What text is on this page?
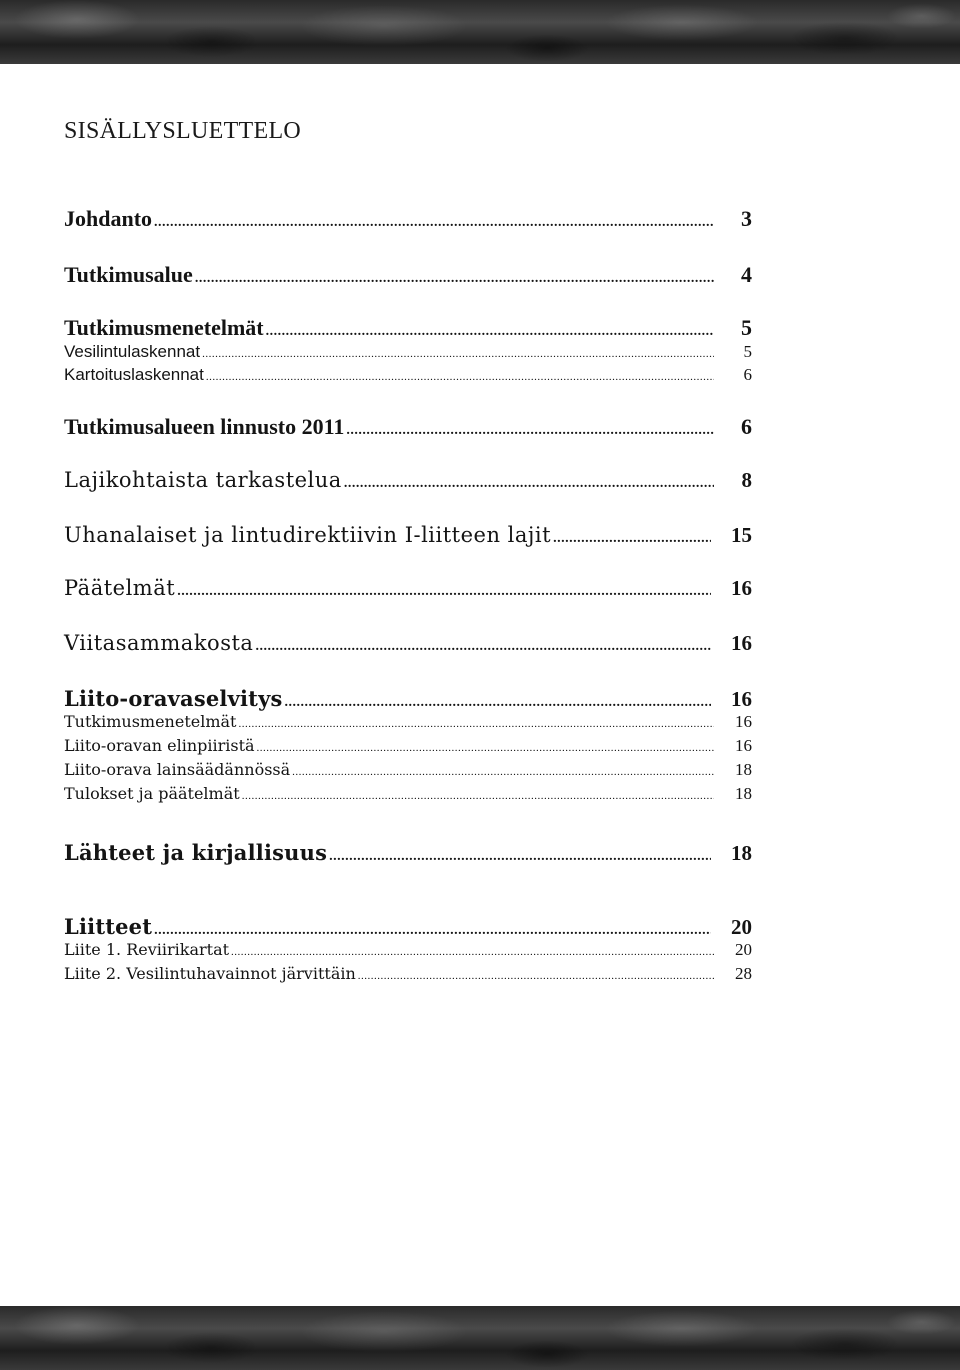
SISÄLLYSLUETTELO
Johdanto .....	3
Tutkimusalue .....	4
Tutkimusmenetelmät .....	5
Vesilintulaskennat .....	5
Kartoituslaskennat .....	6
Tutkimusalueen linnusto 2011 .....	6
Lajikohtaista tarkastelua .....	8
Uhanalaiset ja lintudirektiivin I-liitteen lajit .....	15
Päätelmät .....	16
Viitasammakosta .....	16
Liito-oravaselvitys .....	16
Tutkimusmenetelmät .....	16
Liito-oravan elinpiiristä .....	16
Liito-orava lainsäädännössä .....	18
Tulokset ja päätelmät .....	18
Lähteet ja kirjallisuus .....	18
Liitteet .....	20
Liite 1. Reviirikartat .....	20
Liite 2. Vesilintuhavainnot järvittäin .....	28
